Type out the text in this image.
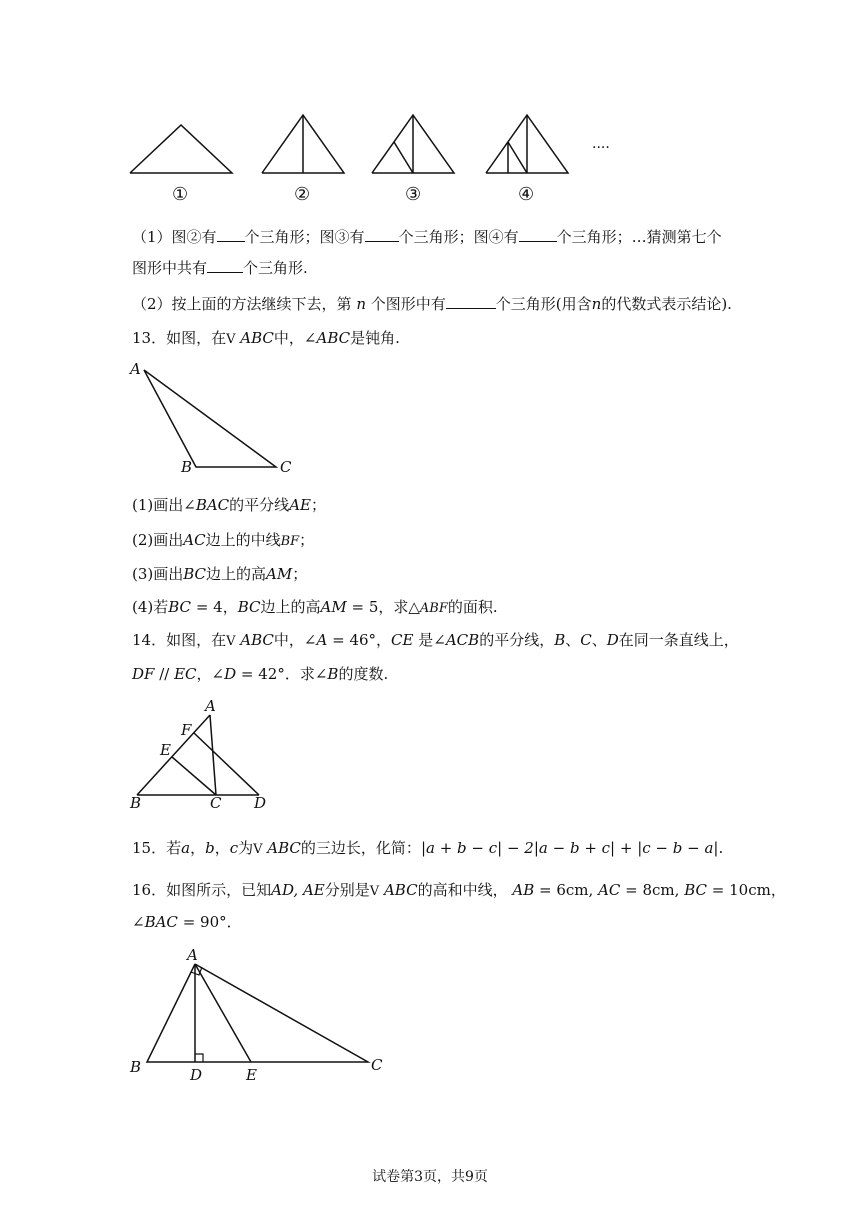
....
①	②	③	④
（1）图②有 个三角形；图③有 个三角形；图④有	个三角形；…猜测第七个
图形中共有 个三角形.
（2）按上面的方法继续下去，第 n 个图形中有	个三角形(用含n的代数式表示结论).
13．如图，在V ABC中，∠ABC是钝角.
A
B	C
(1)画出∠BAC的平分线AE；
(2)画出AC边上的中线BF；
(3)画出BC边上的高AM；
(4)若BC = 4，BC边上的高AM = 5，求△ABF的面积.
14．如图，在V ABC中，∠A = 46°，CE 是∠ACB的平分线，B、C、D在同一条直线上，
DF // EC，∠D = 42°．求∠B的度数.
A
F
E
B	C D
15．若a，b，c为V ABC的三边长，化简：|a + b − c| − 2|a − b + c| + |c − b − a|.
16．如图所示，已知AD, AE分别是V ABC的高和中线， AB = 6cm, AC = 8cm, BC = 10cm，
∠BAC = 90°．
A
B	D	E
C
试卷第3页，共9页
